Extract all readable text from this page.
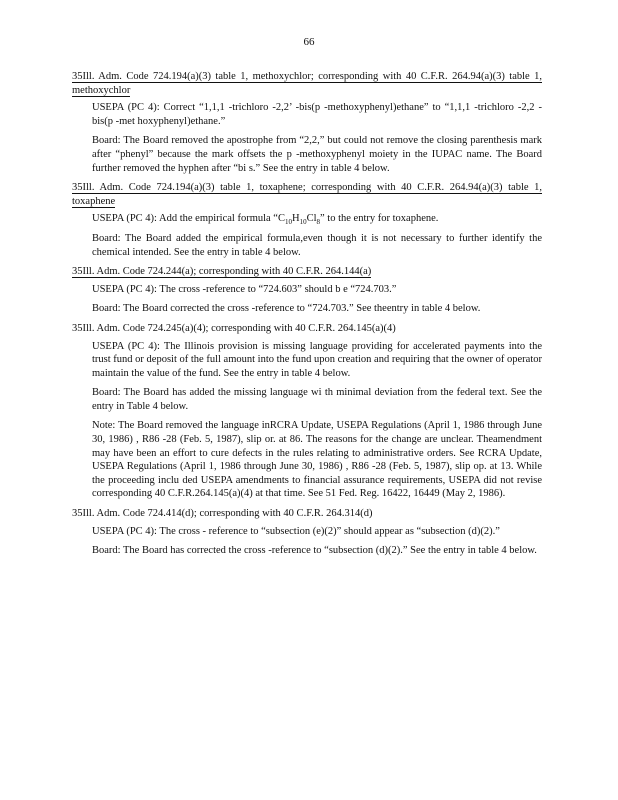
66

35Ill. Adm. Code 724.194(a)(3) table 1, methoxychlor; corresponding with 40 C.F.R. 264.94(a)(3) table 1, methoxychlor

USEPA (PC 4): Correct “1,1,1 -trichloro -2,2’ -bis(p -methoxyphenyl)ethane” to “1,1,1 -trichloro -2,2 -bis(p -met hoxyphenyl)ethane.”

Board: The Board removed the apostrophe from “2,2,” but could not remove the closing parenthesis mark after “phenyl” because the mark offsets the p -methoxyphenyl moiety in the IUPAC name. The Board further removed the hyphen after “bi s.” See the entry in table 4 below.

35Ill. Adm. Code 724.194(a)(3) table 1, toxaphene; corresponding with 40 C.F.R. 264.94(a)(3) table 1, toxaphene

USEPA (PC 4): Add the empirical formula “$C_{10}H_{10}Cl_8$” to the entry for toxaphene.

Board: The Board added the empirical formula,even though it is not necessary to further identify the chemical intended. See the entry in table 4 below.

35Ill. Adm. Code 724.244(a); corresponding with 40 C.F.R. 264.144(a)

USEPA (PC 4): The cross -reference to “724.603” should b e “724.703.”

Board: The Board corrected the cross -reference to “724.703.” See theentry in table 4 below.

35Ill. Adm. Code 724.245(a)(4); corresponding with 40 C.F.R. 264.145(a)(4)

USEPA (PC 4): The Illinois provision is missing language providing for accelerated payments into the trust fund or deposit of the full amount into the fund upon creation and requiring that the owner of operator maintain the value of the fund. See the entry in table 4 below.

Board: The Board has added the missing language wi th minimal deviation from the federal text. See the entry in Table 4 below.

Note: The Board removed the language inRCRA Update, USEPA Regulations (April 1, 1986 through June 30, 1986) , R86 -28 (Feb. 5, 1987), slip or. at 86. The reasons for the change are unclear. Theamendment may have been an effort to cure defects in the rules relating to administrative orders. See RCRA Update, USEPA Regulations (April 1, 1986 through June 30, 1986) , R86 -28 (Feb. 5, 1987), slip op. at 13. While the proceeding inclu ded USEPA amendments to financial assurance requirements, USEPA did not revise corresponding 40 C.F.R.264.145(a)(4) at that time. See 51 Fed. Reg. 16422, 16449 (May 2, 1986).

35Ill. Adm. Code 724.414(d); corresponding with 40 C.F.R. 264.314(d)

USEPA (PC 4): The cross - reference to “subsection (e)(2)” should appear as “subsection (d)(2).”

Board: The Board has corrected the cross -reference to “subsection (d)(2).” See the entry in table 4 below.
